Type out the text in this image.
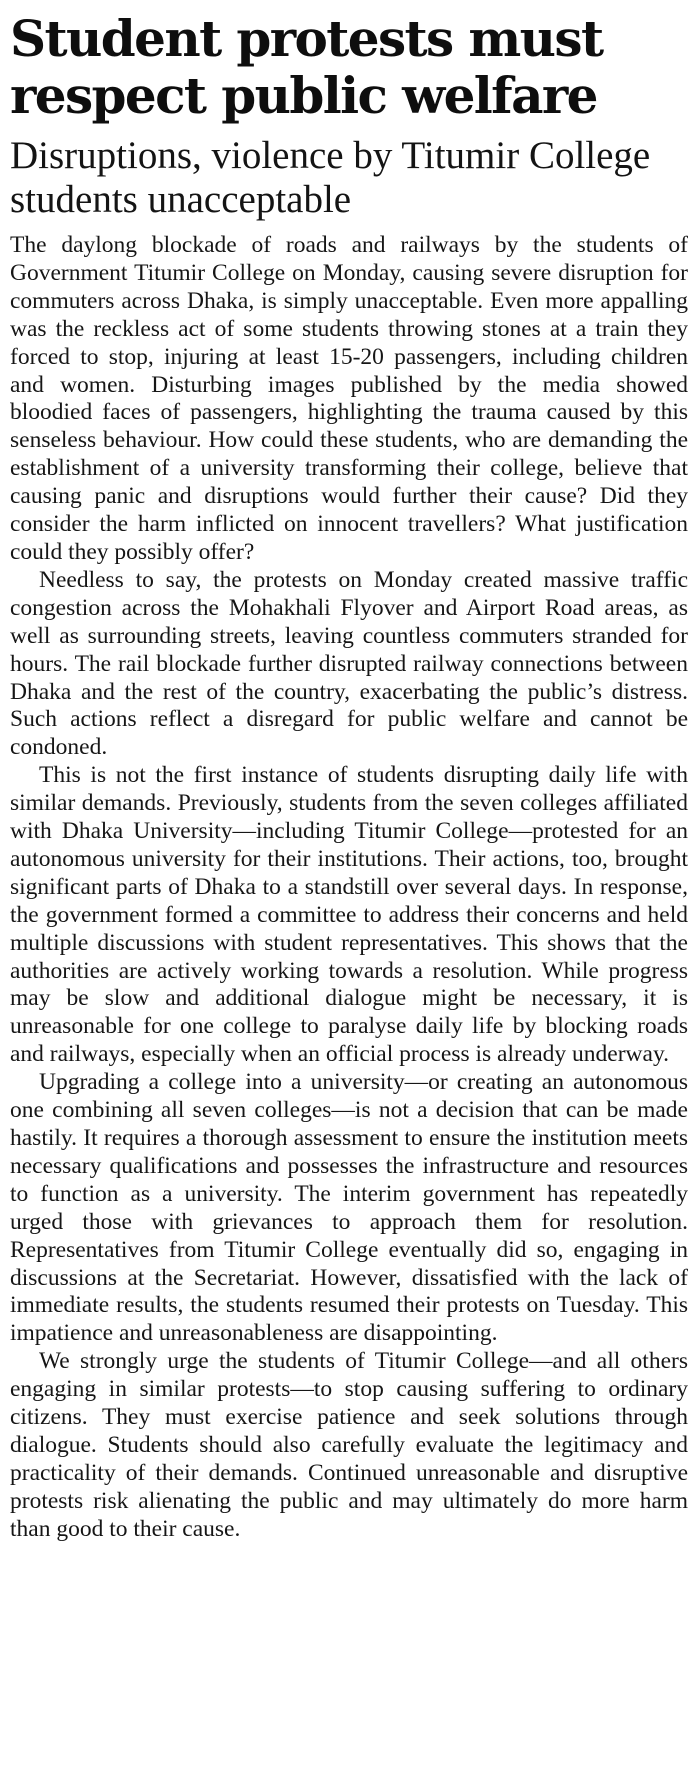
Student protests must respect public welfare
Disruptions, violence by Titumir College students unacceptable

The daylong blockade of roads and railways by the students of Government Titumir College on Monday, causing severe disruption for commuters across Dhaka, is simply unacceptable. Even more appalling was the reckless act of some students throwing stones at a train they forced to stop, injuring at least 15-20 passengers, including children and women. Disturbing images published by the media showed bloodied faces of passengers, highlighting the trauma caused by this senseless behaviour. How could these students, who are demanding the establishment of a university transforming their college, believe that causing panic and disruptions would further their cause? Did they consider the harm inflicted on innocent travellers? What justification could they possibly offer?

Needless to say, the protests on Monday created massive traffic congestion across the Mohakhali Flyover and Airport Road areas, as well as surrounding streets, leaving countless commuters stranded for hours. The rail blockade further disrupted railway connections between Dhaka and the rest of the country, exacerbating the public’s distress. Such actions reflect a disregard for public welfare and cannot be condoned.

This is not the first instance of students disrupting daily life with similar demands. Previously, students from the seven colleges affiliated with Dhaka University—including Titumir College—protested for an autonomous university for their institutions. Their actions, too, brought significant parts of Dhaka to a standstill over several days. In response, the government formed a committee to address their concerns and held multiple discussions with student representatives. This shows that the authorities are actively working towards a resolution. While progress may be slow and additional dialogue might be necessary, it is unreasonable for one college to paralyse daily life by blocking roads and railways, especially when an official process is already underway.

Upgrading a college into a university—or creating an autonomous one combining all seven colleges—is not a decision that can be made hastily. It requires a thorough assessment to ensure the institution meets necessary qualifications and possesses the infrastructure and resources to function as a university. The interim government has repeatedly urged those with grievances to approach them for resolution. Representatives from Titumir College eventually did so, engaging in discussions at the Secretariat. However, dissatisfied with the lack of immediate results, the students resumed their protests on Tuesday. This impatience and unreasonableness are disappointing.

We strongly urge the students of Titumir College—and all others engaging in similar protests—to stop causing suffering to ordinary citizens. They must exercise patience and seek solutions through dialogue. Students should also carefully evaluate the legitimacy and practicality of their demands. Continued unreasonable and disruptive protests risk alienating the public and may ultimately do more harm than good to their cause.
